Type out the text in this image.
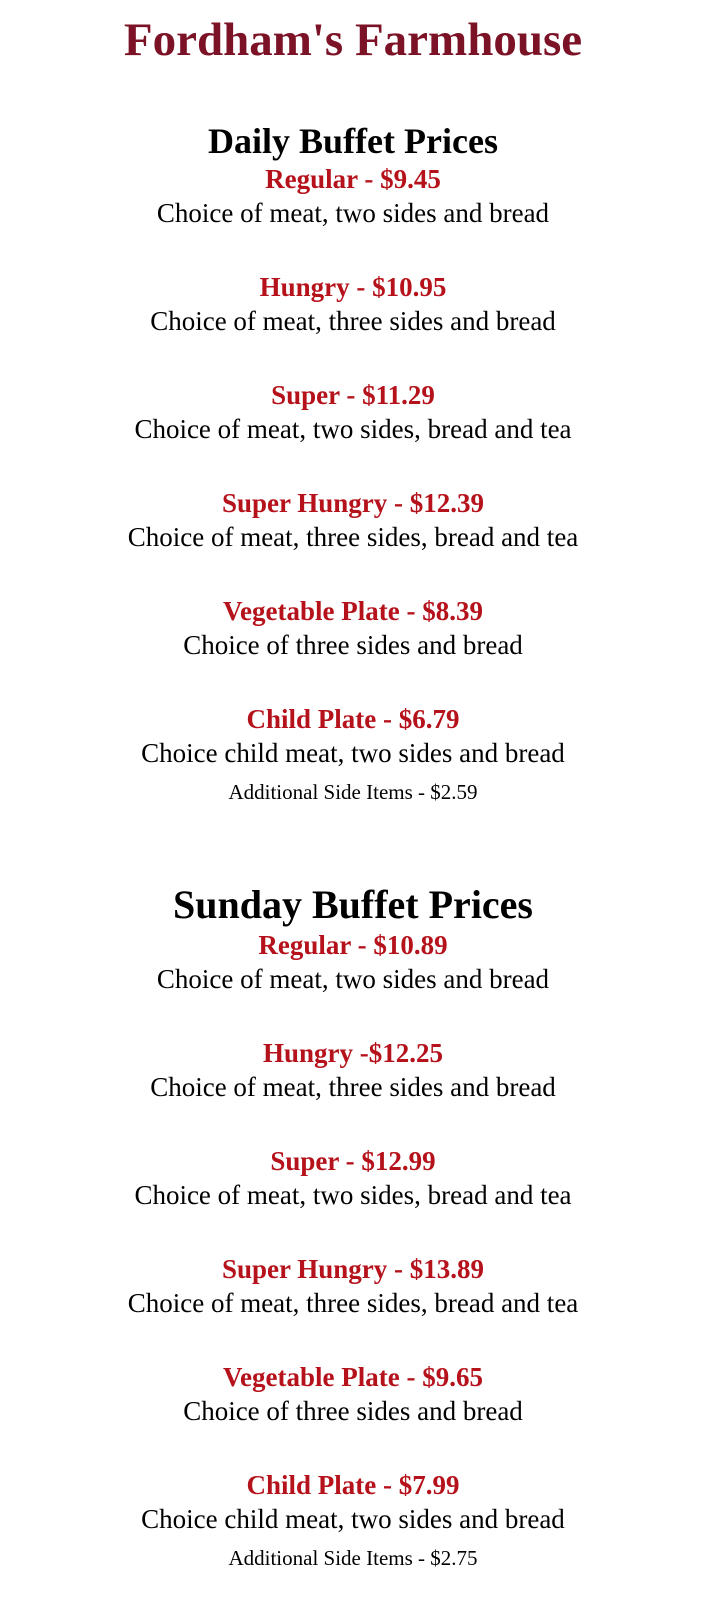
Fordham's Farmhouse
Daily Buffet Prices

Regular - $9.45

Choice of meat, two sides and bread

Hungry - $10.95

Choice of meat, three sides and bread

Super - $11.29

Choice of meat, two sides, bread and tea

Super Hungry - $12.39

Choice of meat, three sides, bread and tea

Vegetable Plate - $8.39

Choice of three sides and bread

Child Plate - $6.79

Choice child meat, two sides and bread

Additional Side Items - $2.59
Sunday Buffet Prices

Regular - $10.89

Choice of meat, two sides and bread

Hungry -$12.25

Choice of meat, three sides and bread

Super - $12.99

Choice of meat, two sides, bread and tea

Super Hungry - $13.89

Choice of meat, three sides, bread and tea

Vegetable Plate - $9.65

Choice of three sides and bread

Child Plate - $7.99

Choice child meat, two sides and bread

Additional Side Items - $2.75
